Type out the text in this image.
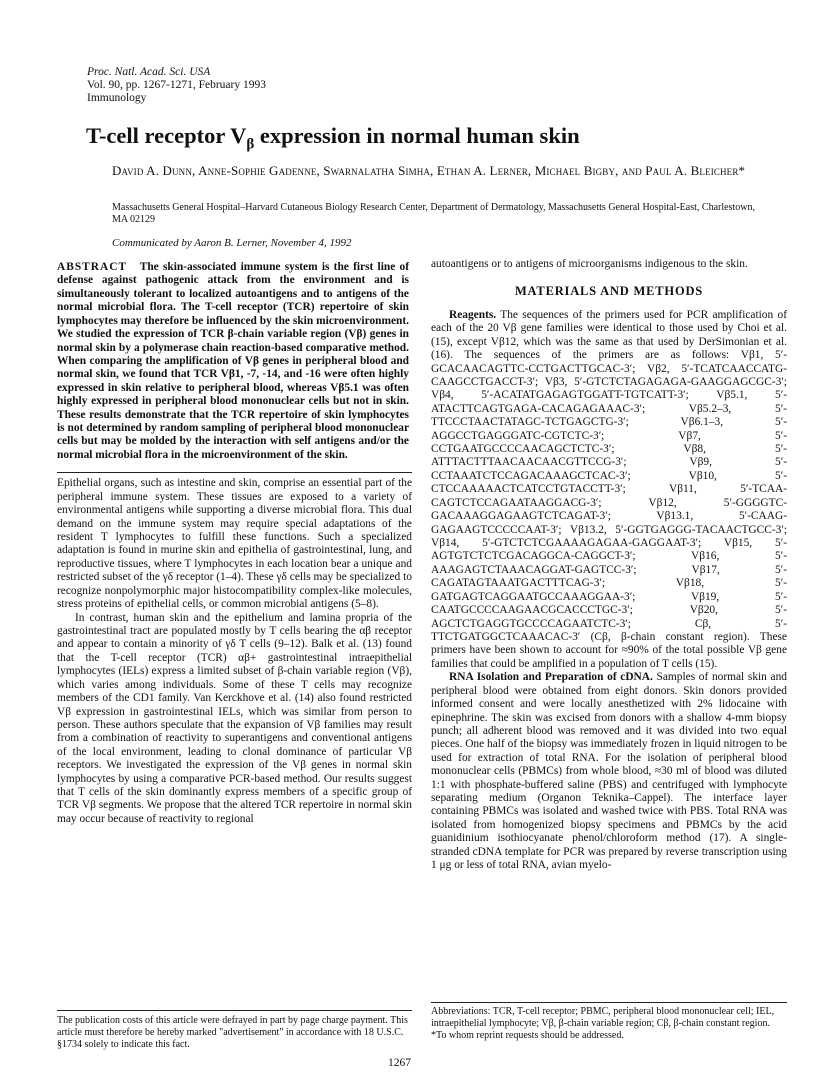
Proc. Natl. Acad. Sci. USA
Vol. 90, pp. 1267-1271, February 1993
Immunology
T-cell receptor $V_\beta$ expression in normal human skin
David A. Dunn, Anne-Sophie Gadenne, Swarnalatha Simha, Ethan A. Lerner, Michael Bigby, and Paul A. Bleicher*
Massachusetts General Hospital–Harvard Cutaneous Biology Research Center, Department of Dermatology, Massachusetts General Hospital-East, Charlestown, MA 02129
Communicated by Aaron B. Lerner, November 4, 1992
ABSTRACT The skin-associated immune system is the first line of defense against pathogenic attack from the environment and is simultaneously tolerant to localized autoantigens and to antigens of the normal microbial flora. The T-cell receptor (TCR) repertoire of skin lymphocytes may therefore be influenced by the skin microenvironment. We studied the expression of TCR β-chain variable region (Vβ) genes in normal skin by a polymerase chain reaction-based comparative method. When comparing the amplification of Vβ genes in peripheral blood and normal skin, we found that TCR Vβ1, -7, -14, and -16 were often highly expressed in skin relative to peripheral blood, whereas Vβ5.1 was often highly expressed in peripheral blood mononuclear cells but not in skin. These results demonstrate that the TCR repertoire of skin lymphocytes is not determined by random sampling of peripheral blood mononuclear cells but may be molded by the interaction with self antigens and/or the normal microbial flora in the microenvironment of the skin.

Epithelial organs, such as intestine and skin, comprise an essential part of the peripheral immune system. These tissues are exposed to a variety of environmental antigens while supporting a diverse microbial flora. This dual demand on the immune system may require special adaptations of the resident T lymphocytes to fulfill these functions. Such a specialized adaptation is found in murine skin and epithelia of gastrointestinal, lung, and reproductive tissues, where T lymphocytes in each location bear a unique and restricted subset of the γδ receptor (1–4). These γδ cells may be specialized to recognize nonpolymorphic major histocompatibility complex-like molecules, stress proteins of epithelial cells, or common microbial antigens (5–8).

In contrast, human skin and the epithelium and lamina propria of the gastrointestinal tract are populated mostly by T cells bearing the αβ receptor and appear to contain a minority of γδ T cells (9–12). Balk et al. (13) found that the T-cell receptor (TCR) αβ+ gastrointestinal intraepithelial lymphocytes (IELs) express a limited subset of β-chain variable region (Vβ), which varies among individuals. Some of these T cells may recognize members of the CD1 family. Van Kerckhove et al. (14) also found restricted Vβ expression in gastrointestinal IELs, which was similar from person to person. These authors speculate that the expansion of Vβ families may result from a combination of reactivity to superantigens and conventional antigens of the local environment, leading to clonal dominance of particular Vβ receptors. We investigated the expression of the Vβ genes in normal skin lymphocytes by using a comparative PCR-based method. Our results suggest that T cells of the skin dominantly express members of a specific group of TCR Vβ segments. We propose that the altered TCR repertoire in normal skin may occur because of reactivity to regional

autoantigens or to antigens of microorganisms indigenous to the skin.

MATERIALS AND METHODS

Reagents. The sequences of the primers used for PCR amplification of each of the 20 Vβ gene families were identical to those used by Choi et al. (15), except Vβ12, which was the same as that used by DerSimonian et al. (16). The sequences of the primers are as follows: Vβ1, 5′-GCACAACAGTTC-CCTGACTTGCAC-3′; Vβ2, 5′-TCATCAACCATG-CAAGCCTGACCT-3′; Vβ3, 5′-GTCTCTAGAGAGA-GAAGGAGCGC-3′; Vβ4, 5′-ACATATGAGAGTGGATT-TGTCATT-3′; Vβ5.1, 5′-ATACTTCAGTGAGA-CACAGAGAAAC-3′; Vβ5.2–3, 5′-TTCCCTAACTATAGC-TCTGAGCTG-3′; Vβ6.1–3, 5′-AGGCCTGAGGGATC-CGTCTC-3′; Vβ7, 5′-CCTGAATGCCCCAACAGCTCTC-3′; Vβ8, 5′-ATTTACTTTAACAACAACGTTCCG-3′; Vβ9, 5′-CCTAAATCTCCAGACAAAGCTCAC-3′; Vβ10, 5′-CTCCAAAAACTCATCCTGTACCTT-3′; Vβ11, 5′-TCAA-CAGTCTCCAGAATAAGGACG-3′; Vβ12, 5′-GGGGTC-GACAAAGGAGAAGTCTCAGAT-3′; Vβ13.1, 5′-CAAG-GAGAAGTCCCCCAAT-3′; Vβ13.2, 5′-GGTGAGGG-TACAACTGCC-3′; Vβ14, 5′-GTCTCTCGAAAAGAGAA-GAGGAAT-3′; Vβ15, 5′-AGTGTCTCTCGACAGGCA-CAGGCT-3′; Vβ16, 5′-AAAGAGTCTAAACAGGAT-GAGTCC-3′; Vβ17, 5′-CAGATAGTAAATGACTTTCAG-3′; Vβ18, 5′-GATGAGTCAGGAATGCCAAAGGAA-3′; Vβ19, 5′-CAATGCCCCAAGAACGCACCCTGC-3′; Vβ20, 5′-AGCTCTGAGGTGCCCCAGAATCTC-3′; Cβ, 5′-TTCTGATGGCTCAAACAC-3′ (Cβ, β-chain constant region). These primers have been shown to account for ≈90% of the total possible Vβ gene families that could be amplified in a population of T cells (15).

RNA Isolation and Preparation of cDNA. Samples of normal skin and peripheral blood were obtained from eight donors. Skin donors provided informed consent and were locally anesthetized with 2% lidocaine with epinephrine. The skin was excised from donors with a shallow 4-mm biopsy punch; all adherent blood was removed and it was divided into two equal pieces. One half of the biopsy was immediately frozen in liquid nitrogen to be used for extraction of total RNA. For the isolation of peripheral blood mononuclear cells (PBMCs) from whole blood, ≈30 ml of blood was diluted 1:1 with phosphate-buffered saline (PBS) and centrifuged with lymphocyte separating medium (Organon Teknika–Cappel). The interface layer containing PBMCs was isolated and washed twice with PBS. Total RNA was isolated from homogenized biopsy specimens and PBMCs by the acid guanidinium isothiocyanate phenol/chloroform method (17). A single-stranded cDNA template for PCR was prepared by reverse transcription using 1 μg or less of total RNA, avian myelo-

The publication costs of this article were defrayed in part by page charge payment. This article must therefore be hereby marked "advertisement" in accordance with 18 U.S.C. §1734 solely to indicate this fact.
Abbreviations: TCR, T-cell receptor; PBMC, peripheral blood mononuclear cell; IEL, intraepithelial lymphocyte; Vβ, β-chain variable region; Cβ, β-chain constant region.
*To whom reprint requests should be addressed.
1267
